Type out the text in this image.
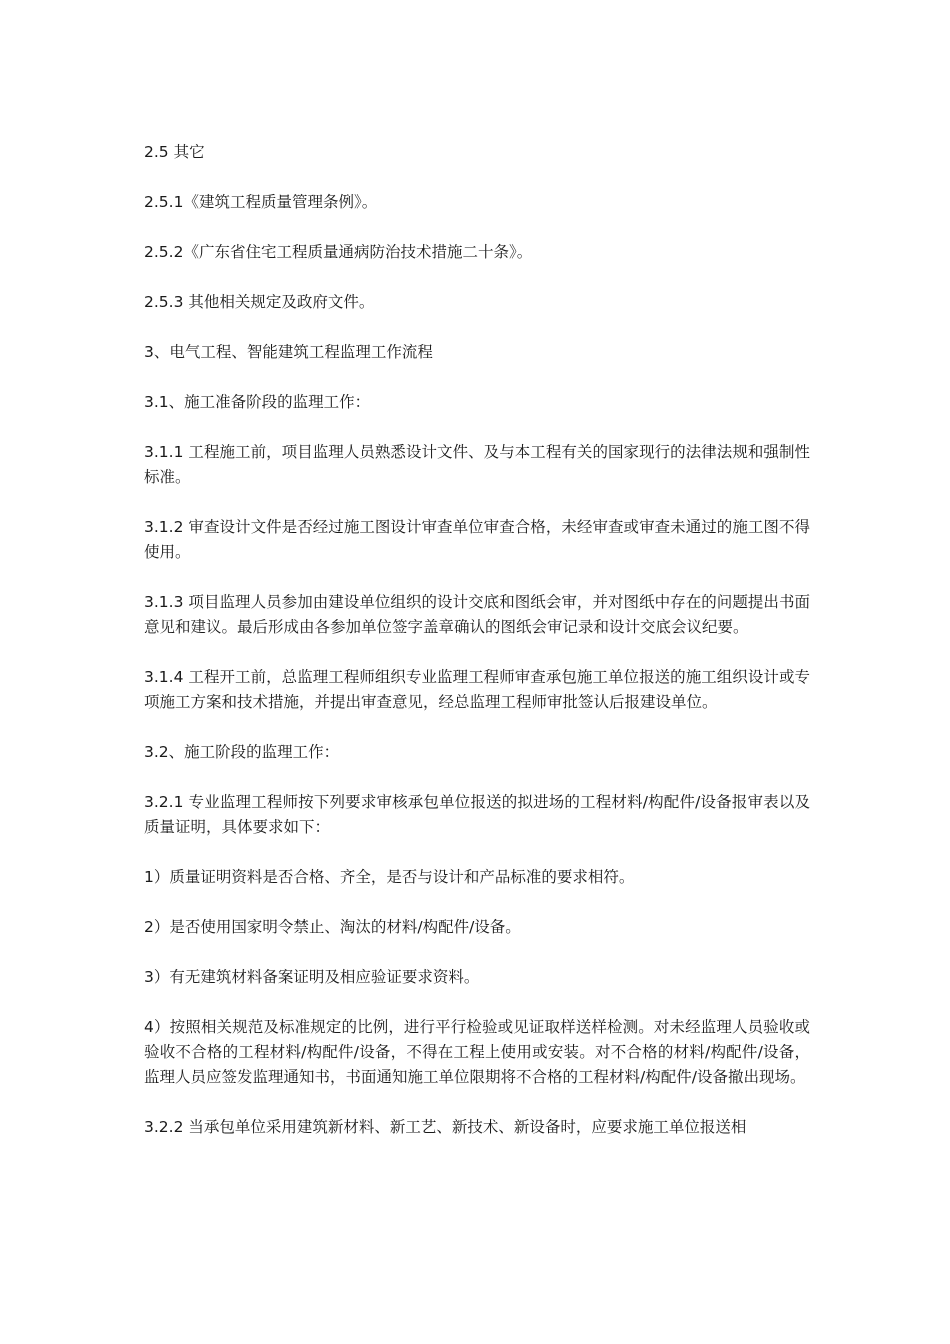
2.5 其它

2.5.1《建筑工程质量管理条例》。

2.5.2《广东省住宅工程质量通病防治技术措施二十条》。

2.5.3 其他相关规定及政府文件。

3、电气工程、智能建筑工程监理工作流程

3.1、施工准备阶段的监理工作：

3.1.1 工程施工前，项目监理人员熟悉设计文件、及与本工程有关的国家现行的法律法规和强制性标准。

3.1.2 审查设计文件是否经过施工图设计审查单位审查合格，未经审查或审查未通过的施工图不得使用。

3.1.3 项目监理人员参加由建设单位组织的设计交底和图纸会审，并对图纸中存在的问题提出书面意见和建议。最后形成由各参加单位签字盖章确认的图纸会审记录和设计交底会议纪要。

3.1.4 工程开工前，总监理工程师组织专业监理工程师审查承包施工单位报送的施工组织设计或专项施工方案和技术措施，并提出审查意见，经总监理工程师审批签认后报建设单位。

3.2、施工阶段的监理工作：

3.2.1 专业监理工程师按下列要求审核承包单位报送的拟进场的工程材料/构配件/设备报审表以及质量证明，具体要求如下：

1）质量证明资料是否合格、齐全，是否与设计和产品标准的要求相符。

2）是否使用国家明令禁止、淘汰的材料/构配件/设备。

3）有无建筑材料备案证明及相应验证要求资料。

4）按照相关规范及标准规定的比例，进行平行检验或见证取样送样检测。对未经监理人员验收或验收不合格的工程材料/构配件/设备，不得在工程上使用或安装。对不合格的材料/构配件/设备，监理人员应签发监理通知书，书面通知施工单位限期将不合格的工程材料/构配件/设备撤出现场。

3.2.2 当承包单位采用建筑新材料、新工艺、新技术、新设备时，应要求施工单位报送相
